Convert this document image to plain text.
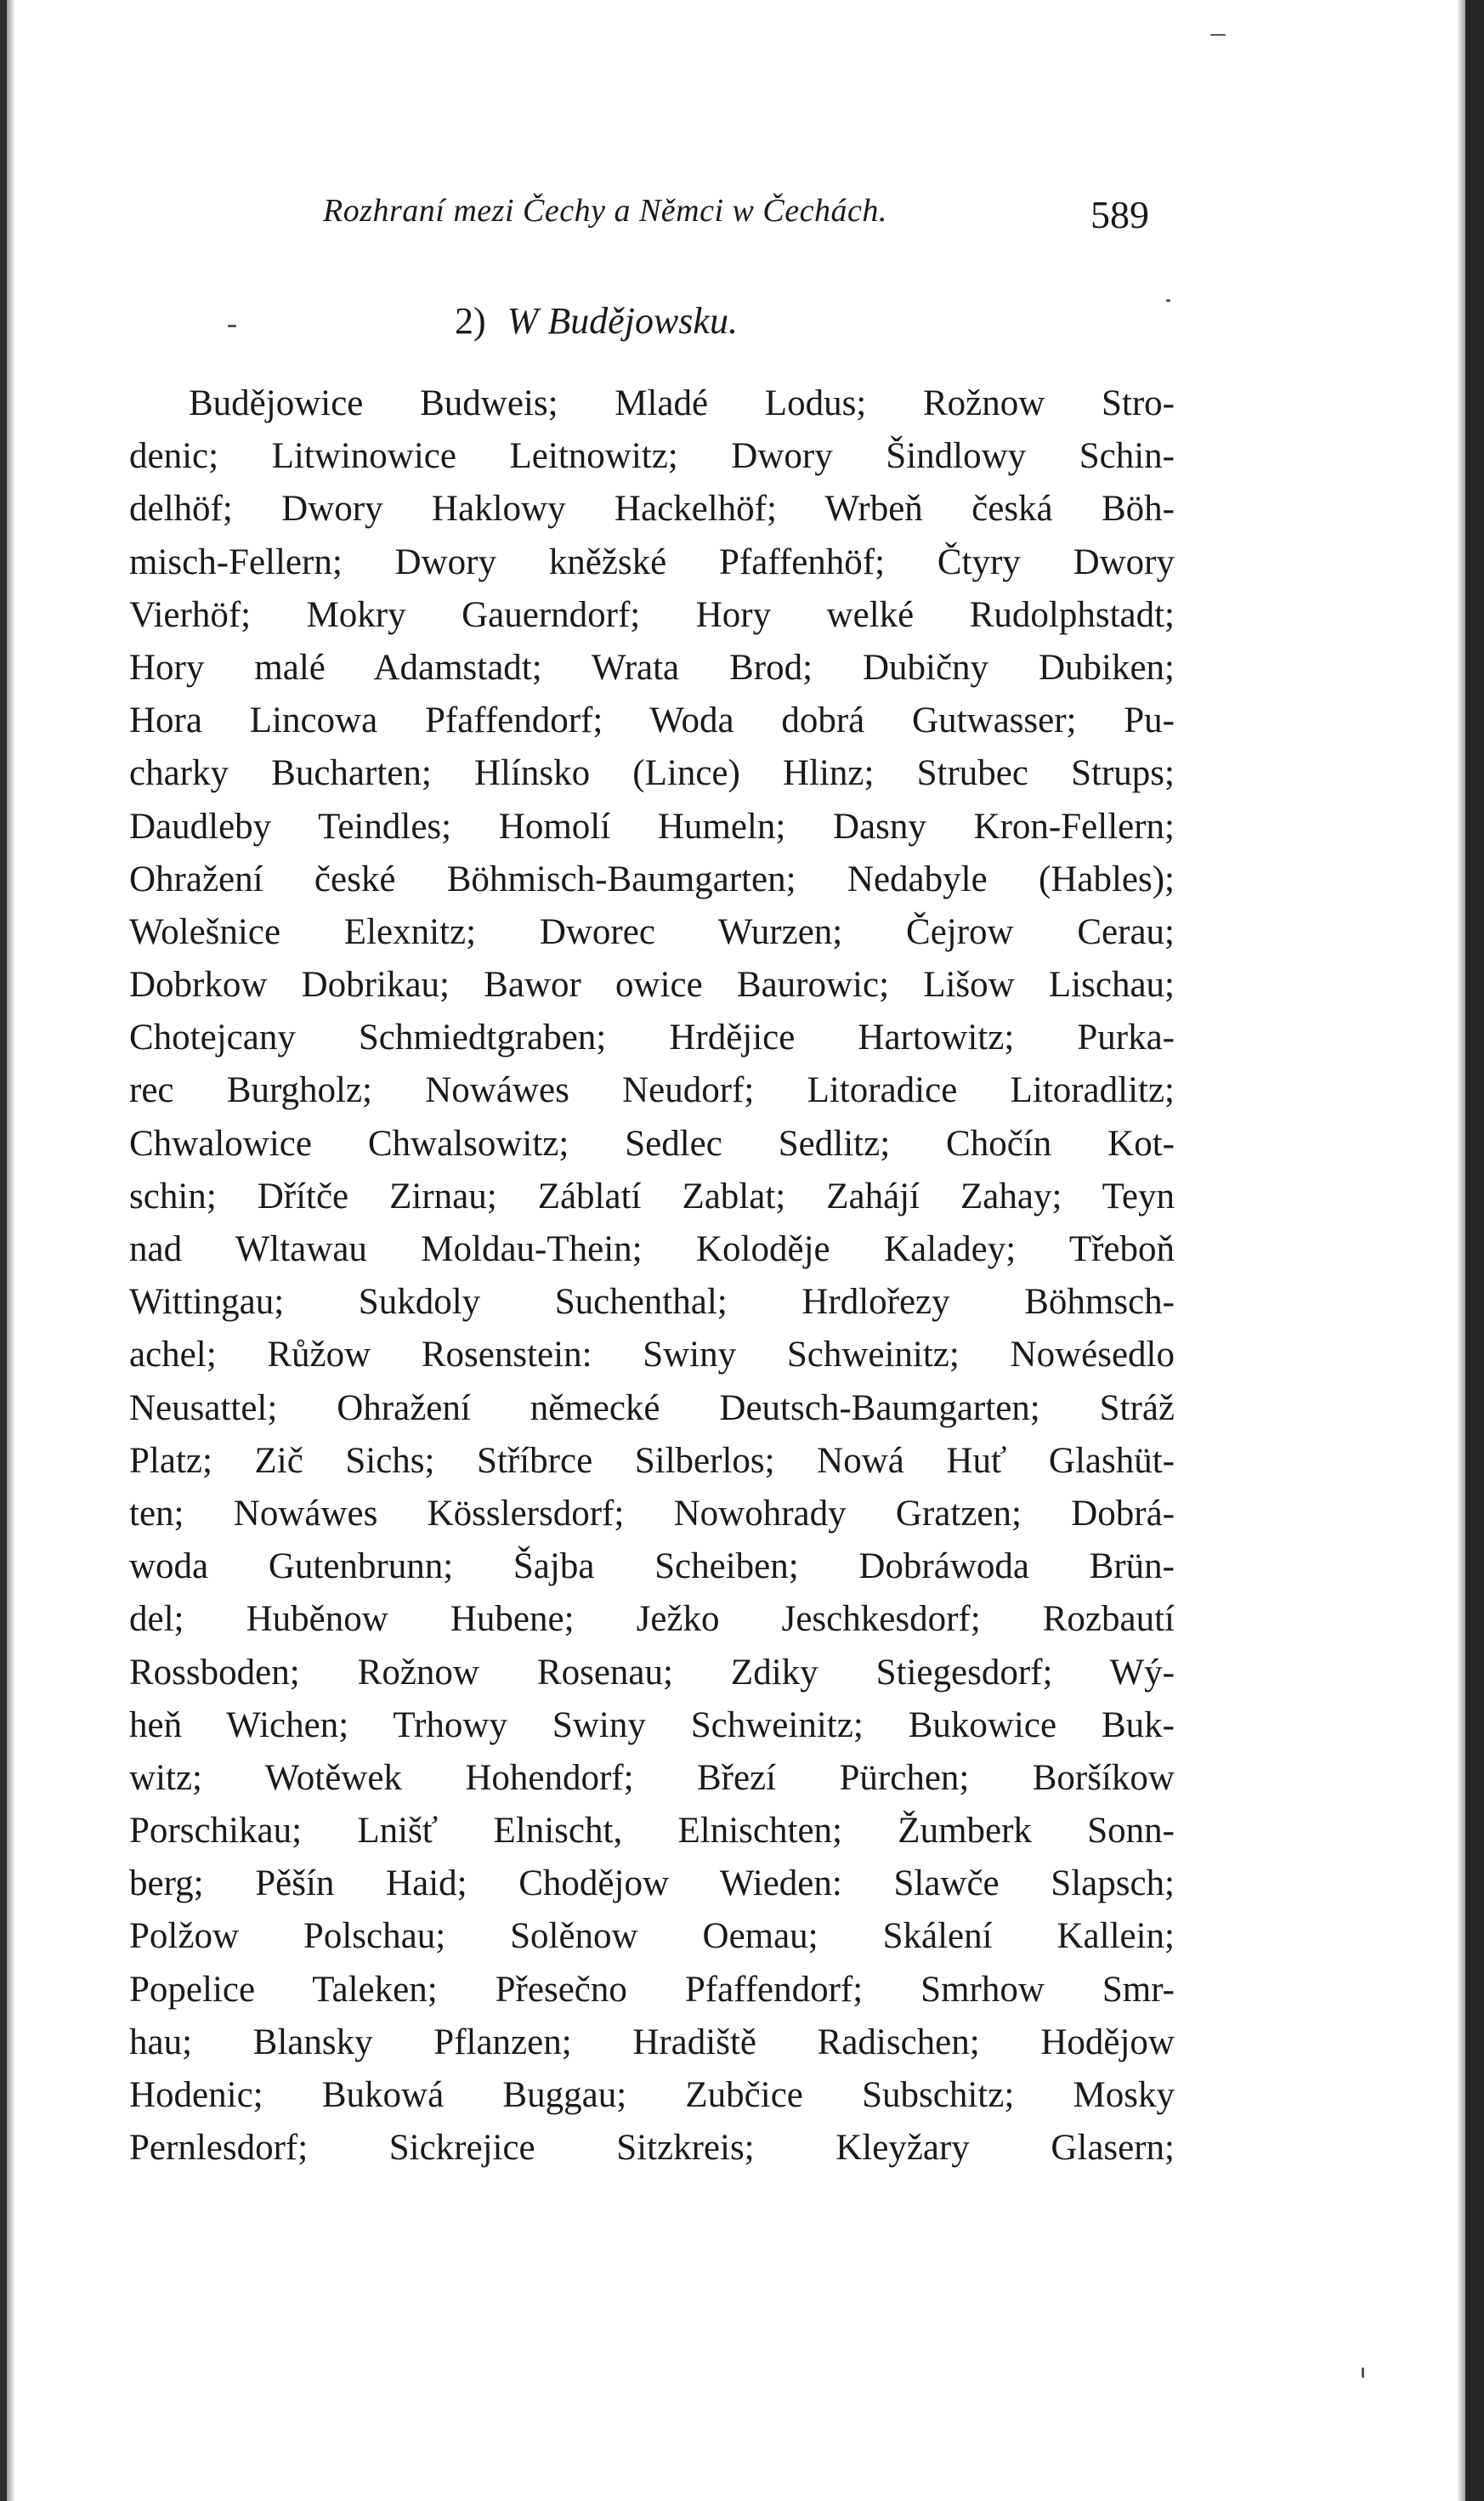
Rozhraní mezi Čechy a Němci w Čechách.	589
2) W Budějowsku.
Budějowice Budweis; Mladé Lodus; Rožnow Stro-
denic; Litwinowice Leitnowitz; Dwory Šindlowy Schin-
delhöf; Dwory Haklowy Hackelhöf; Wrbeň česká Böh-
misch-Fellern; Dwory kněžské Pfaffenhöf; Čtyry Dwory
Vierhöf; Mokry Gauerndorf; Hory welké Rudolphstadt;
Hory malé Adamstadt; Wrata Brod; Dubičny Dubiken;
Hora Lincowa Pfaffendorf; Woda dobrá Gutwasser; Pu-
charky Bucharten; Hlínsko (Lince) Hlinz; Strubec Strups;
Daudleby Teindles; Homolí Humeln; Dasny Kron-Fellern;
Ohražení české Böhmisch-Baumgarten; Nedabyle (Hables);
Wolešnice Elexnitz; Dworec Wurzen; Čejrow Cerau;
Dobrkow Dobrikau; Bawor owice Baurowic; Lišow Lischau;
Chotejcany Schmiedtgraben; Hrdějice Hartowitz; Purka-
rec Burgholz; Nowáwes Neudorf; Litoradice Litoradlitz;
Chwalowice Chwalsowitz; Sedlec Sedlitz; Chočín Kot-
schin; Dřítče Zirnau; Záblatí Zablat; Zahájí Zahay; Teyn
nad Wltawau Moldau-Thein; Koloděje Kaladey; Třeboň
Wittingau; Sukdoly Suchenthal; Hrdlořezy Böhmsch-
achel; Růžow Rosenstein: Swiny Schweinitz; Nowésedlo
Neusattel; Ohražení německé Deutsch-Baumgarten; Stráž
Platz; Zič Sichs; Stříbrce Silberlos; Nowá Huť Glashüt-
ten; Nowáwes Kösslersdorf; Nowohrady Gratzen; Dobrá-
woda Gutenbrunn; Šajba Scheiben; Dobráwoda Brün-
del; Huběnow Hubene; Ježko Jeschkesdorf; Rozbautí
Rossboden; Rožnow Rosenau; Zdiky Stiegesdorf; Wý-
heň Wichen; Trhowy Swiny Schweinitz; Bukowice Buk-
witz; Wotěwek Hohendorf; Březí Pürchen; Boršíkow
Porschikau; Lnišť Elnischt, Elnischten; Žumberk Sonn-
berg; Pěšín Haid; Chodějow Wieden: Slawče Slapsch;
Polžow Polschau; Solěnow Oemau; Skálení Kallein;
Popelice Taleken; Přesečno Pfaffendorf; Smrhow Smr-
hau; Blansky Pflanzen; Hradiště Radischen; Hodějow
Hodenic; Bukowá Buggau; Zubčice Subschitz; Mosky
Pernlesdorf; Sickrejice Sitzkreis; Kleyžary Glasern;
